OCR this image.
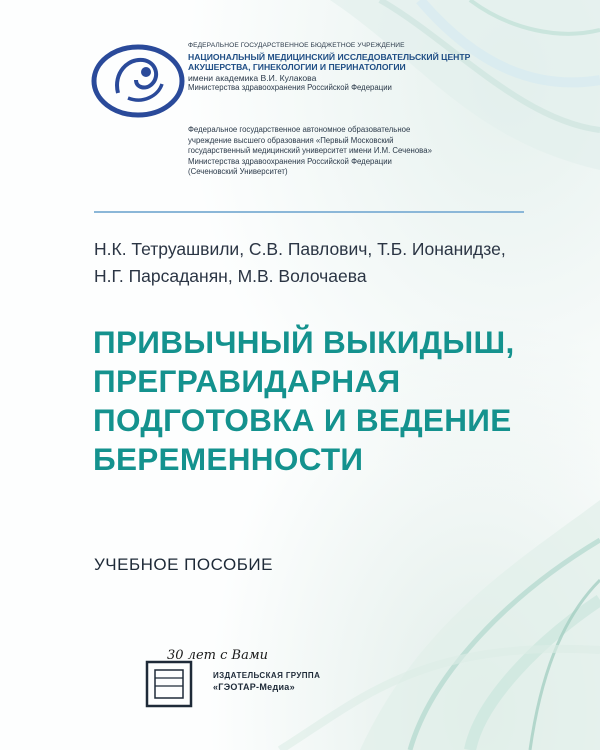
ФЕДЕРАЛЬНОЕ ГОСУДАРСТВЕННОЕ БЮДЖЕТНОЕ УЧРЕЖДЕНИЕ
НАЦИОНАЛЬНЫЙ МЕДИЦИНСКИЙ ИССЛЕДОВАТЕЛЬСКИЙ ЦЕНТР
АКУШЕРСТВА, ГИНЕКОЛОГИИ И ПЕРИНАТОЛОГИИ
имени академика В.И. Кулакова
Министерства здравоохранения Российской Федерации
Федеральное государственное автономное образовательное
учреждение высшего образования «Первый Московский
государственный медицинский университет имени И.М. Сеченова»
Министерства здравоохранения Российской Федерации
(Сеченовский Университет)
Н.К. Тетруашвили, С.В. Павлович, Т.Б. Ионанидзе,
Н.Г. Парсаданян, М.В. Волочаева
ПРИВЫЧНЫЙ ВЫКИДЫШ,
ПРЕГРАВИДАРНАЯ
ПОДГОТОВКА И ВЕДЕНИЕ
БЕРЕМЕННОСТИ
УЧЕБНОЕ ПОСОБИЕ
30 лет с Вами
ИЗДАТЕЛЬСКАЯ ГРУППА
«ГЭОТАР-Медиа»
